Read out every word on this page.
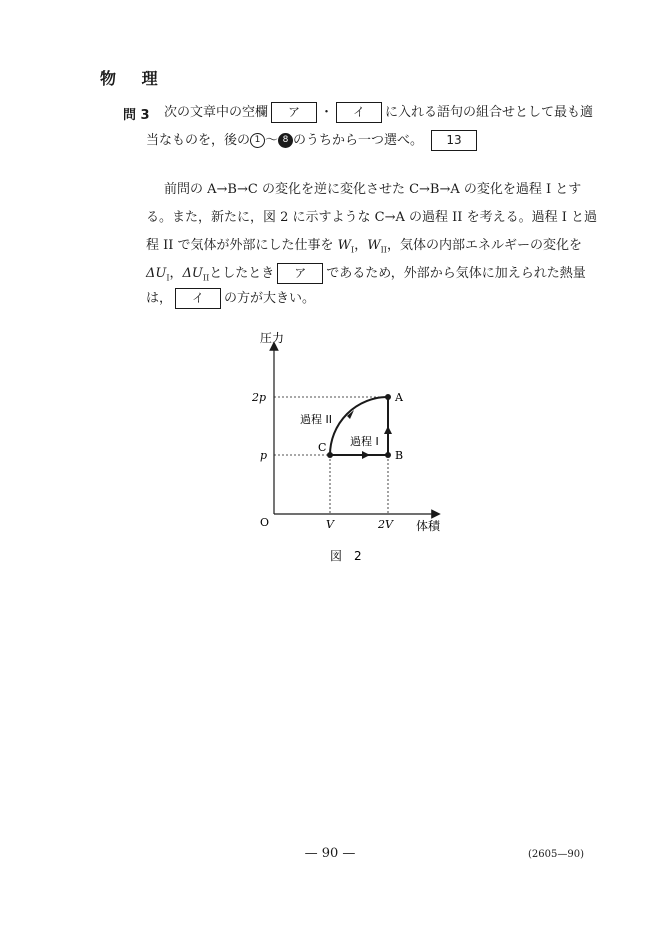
物 理
問 3 次の文章中の空欄 ア ・ イ に入れる語句の組合せとして最も適
当なものを，後の 1 〜 8 のうちから一つ選べ。 13
前問の A→B→C の変化を逆に変化させた C→B→A の変化を過程 I とす
る。また，新たに，図 2 に示すような C→A の過程 II を考える。過程 I と過
程 II で気体が外部にした仕事を $W_I$，$W_{II}$，気体の内部エネルギーの変化を
$\Delta U_I$，$\Delta U_{II}$としたとき ア であるため，外部から気体に加えられた熱量
は， イ の方が大きい。
圧力
体積
O
2p
p
V	2V
A
B
C 過程 I
過程 II
図　2
— 90 —	(2605—90)
